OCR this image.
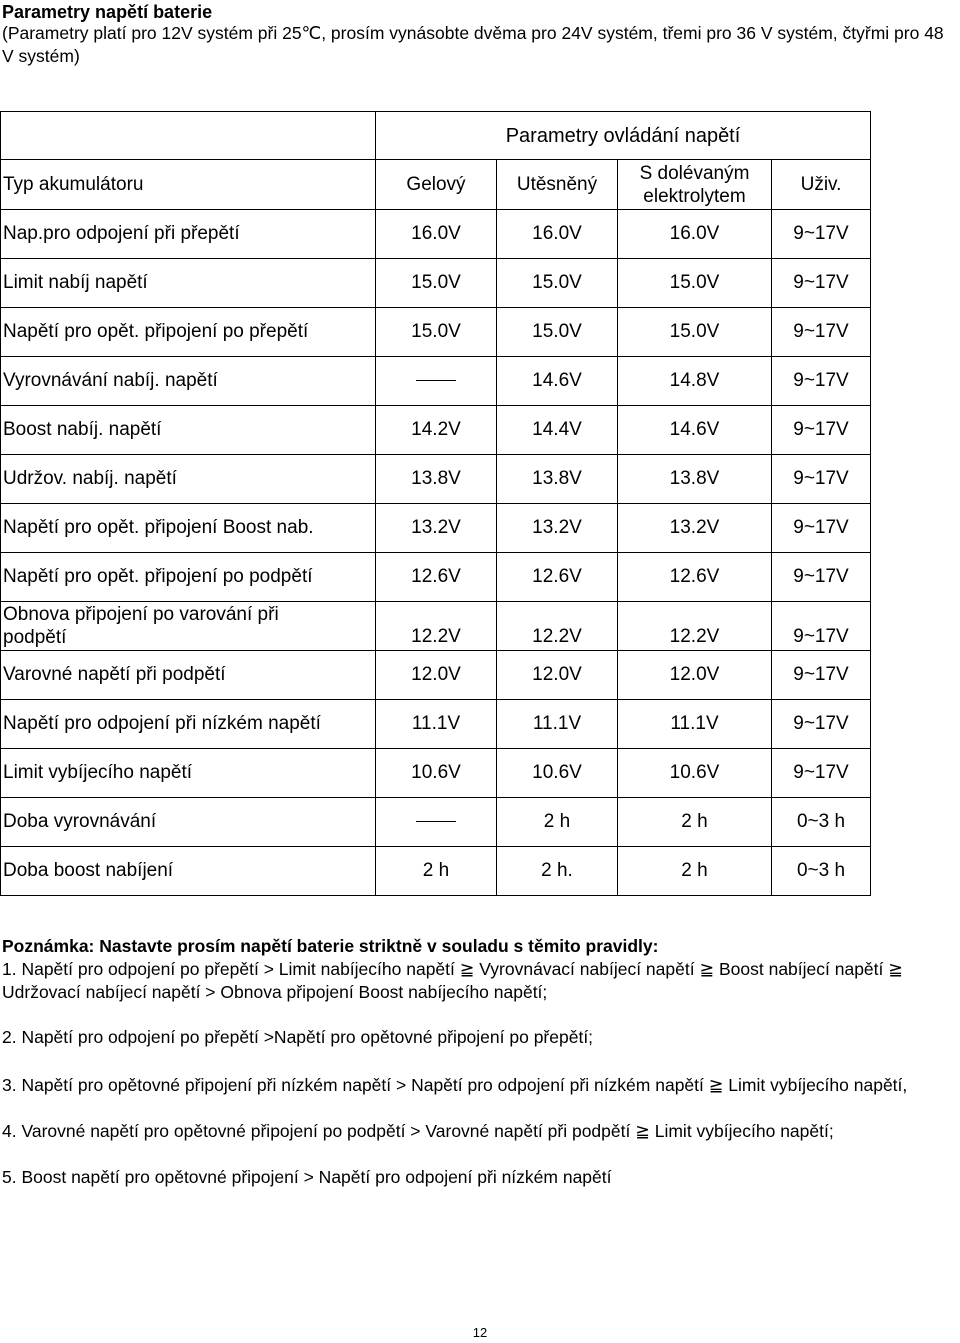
Parametry napětí baterie
(Parametry platí pro 12V systém při 25℃, prosím vynásobte dvěma pro 24V systém, třemi pro 36 V systém, čtyřmi pro 48 V systém)
	Parametry ovládání napětí			
Typ akumulátoru	Gelový	Utěsněný	S dolévaným elektrolytem	Uživ.
Nap.pro odpojení při přepětí	16.0V	16.0V	16.0V	9~17V
Limit nabíj napětí	15.0V	15.0V	15.0V	9~17V
Napětí pro opět. připojení po přepětí	15.0V	15.0V	15.0V	9~17V
Vyrovnávání nabíj. napětí		14.6V	14.8V	9~17V
Boost nabíj. napětí	14.2V	14.4V	14.6V	9~17V
Udržov. nabíj. napětí	13.8V	13.8V	13.8V	9~17V
Napětí pro opět. připojení Boost nab.	13.2V	13.2V	13.2V	9~17V
Napětí pro opět. připojení po podpětí	12.6V	12.6V	12.6V	9~17V
Obnova připojení po varování při podpětí	12.2V	12.2V	12.2V	9~17V
Varovné napětí při podpětí	12.0V	12.0V	12.0V	9~17V
Napětí pro odpojení při nízkém napětí	11.1V	11.1V	11.1V	9~17V
Limit vybíjecího napětí	10.6V	10.6V	10.6V	9~17V
Doba vyrovnávání		2 h	2 h	0~3 h
Doba boost nabíjení	2 h	2 h.	2 h	0~3 h

Poznámka: Nastavte prosím napětí baterie striktně v souladu s těmito pravidly:

1. Napětí pro odpojení po přepětí > Limit nabíjecího napětí ≧ Vyrovnávací nabíjecí napětí ≧ Boost nabíjecí napětí ≧ Udržovací nabíjecí napětí > Obnova připojení Boost nabíjecího napětí;

2. Napětí pro odpojení po přepětí >Napětí pro opětovné připojení po přepětí;

3. Napětí pro opětovné připojení při nízkém napětí > Napětí pro odpojení při nízkém napětí ≧ Limit vybíjecího napětí,

4. Varovné napětí pro opětovné připojení po podpětí > Varovné napětí při podpětí ≧ Limit vybíjecího napětí;

5. Boost napětí pro opětovné připojení > Napětí pro odpojení při nízkém napětí

12
